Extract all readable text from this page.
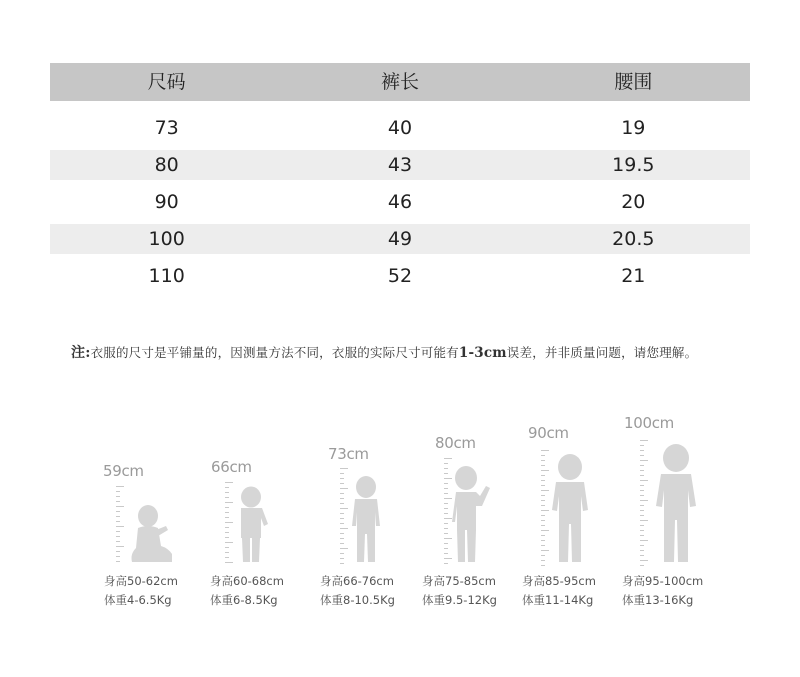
尺码	裤长	腰围
73	40	19
80	43	19.5
90	46	20
100	49	20.5
110	52	21
注:衣服的尺寸是平铺量的，因测量方法不同，衣服的实际尺寸可能有1-3cm误差，并非质量问题，请您理解。
59cm
身高50-62cm
体重4-6.5Kg
66cm
身高60-68cm
体重6-8.5Kg
73cm
身高66-76cm
体重8-10.5Kg
80cm
身高75-85cm
体重9.5-12Kg
90cm
身高85-95cm
体重11-14Kg
100cm
身高95-100cm
体重13-16Kg
